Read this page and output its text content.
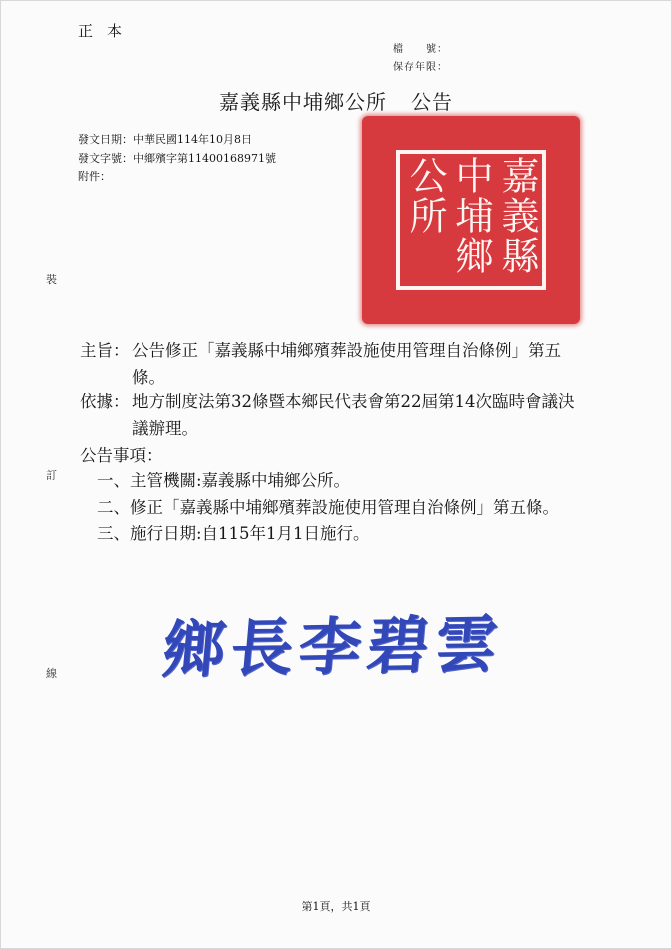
正本
檔　　號：
保存年限：
嘉義縣中埔鄉公所 公告
發文日期：中華民國114年10月8日
發文字號：中鄉殯字第11400168971號
附件：
裝
訂
線
嘉義縣中埔鄉公所
主旨： 公告修正「嘉義縣中埔鄉殯葬設施使用管理自治條例」第五
條。
依據： 地方制度法第32條暨本鄉民代表會第22屆第14次臨時會議決
議辦理。
公告事項：
一、主管機關:嘉義縣中埔鄉公所。
二、修正「嘉義縣中埔鄉殯葬設施使用管理自治條例」第五條。
三、施行日期:自115年1月1日施行。
鄉長李碧雲
第1頁，共1頁
